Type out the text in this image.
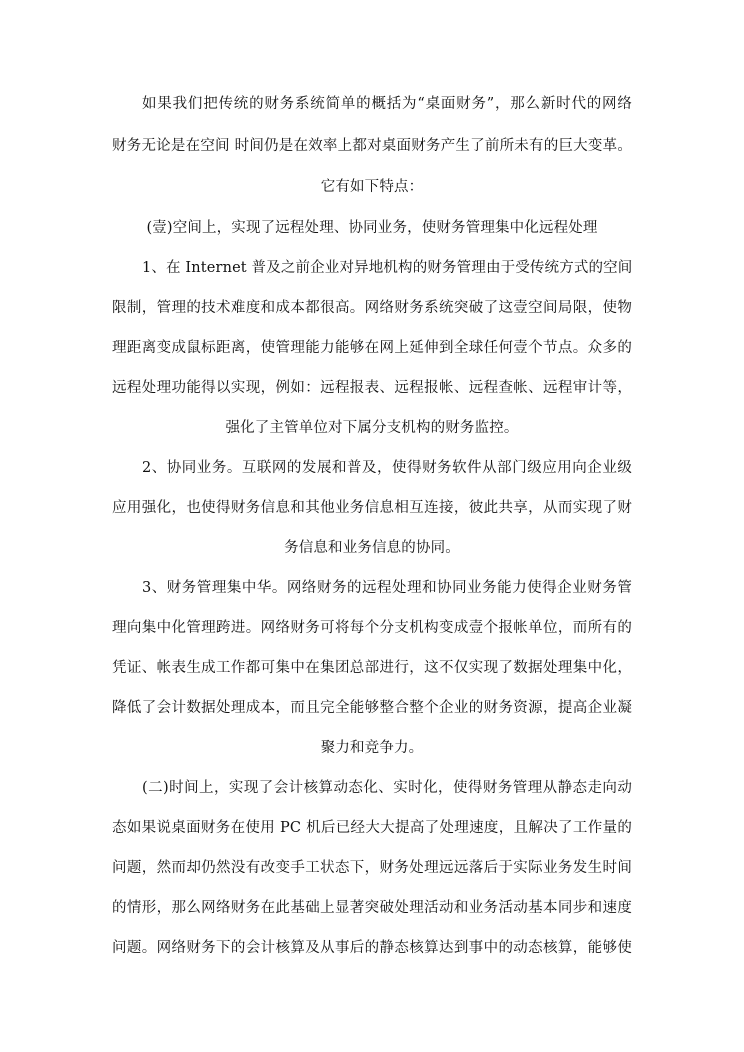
如果我们把传统的财务系统简单的概括为“桌面财务”，那么新时代的网络
财务无论是在空间 时间仍是在效率上都对桌面财务产生了前所未有的巨大变革。
它有如下特点：
(壹)空间上，实现了远程处理、协同业务，使财务管理集中化远程处理
1、在 Internet 普及之前企业对异地机构的财务管理由于受传统方式的空间
限制，管理的技术难度和成本都很高。网络财务系统突破了这壹空间局限，使物
理距离变成鼠标距离，使管理能力能够在网上延伸到全球任何壹个节点。众多的
远程处理功能得以实现，例如：远程报表、远程报帐、远程查帐、远程审计等，
强化了主管单位对下属分支机构的财务监控。
2、协同业务。互联网的发展和普及，使得财务软件从部门级应用向企业级
应用强化，也使得财务信息和其他业务信息相互连接，彼此共享，从而实现了财
务信息和业务信息的协同。
3、财务管理集中华。网络财务的远程处理和协同业务能力使得企业财务管
理向集中化管理跨进。网络财务可将每个分支机构变成壹个报帐单位，而所有的
凭证、帐表生成工作都可集中在集团总部进行，这不仅实现了数据处理集中化，
降低了会计数据处理成本，而且完全能够整合整个企业的财务资源，提高企业凝
聚力和竞争力。
(二)时间上，实现了会计核算动态化、实时化，使得财务管理从静态走向动
态如果说桌面财务在使用 PC 机后已经大大提高了处理速度，且解决了工作量的
问题，然而却仍然没有改变手工状态下，财务处理远远落后于实际业务发生时间
的情形，那么网络财务在此基础上显著突破处理活动和业务活动基本同步和速度
问题。网络财务下的会计核算及从事后的静态核算达到事中的动态核算，能够使
